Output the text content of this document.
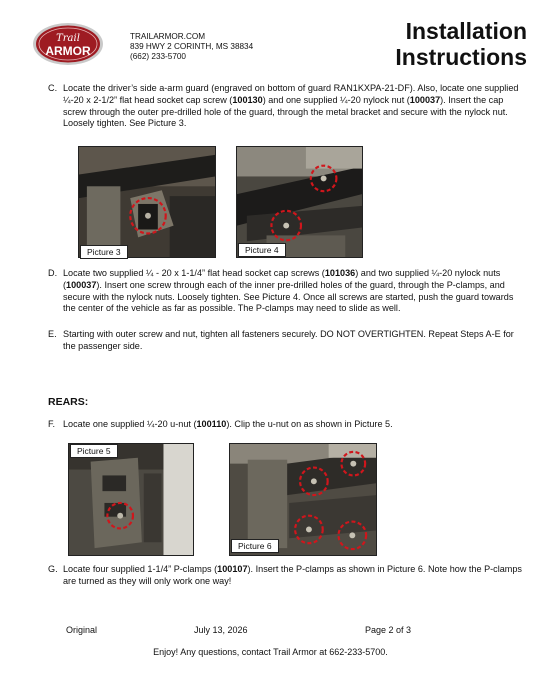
Trail
ARMOR
TRAILARMOR.COM
839 HWY 2 CORINTH, MS 38834
(662) 233-5700
Installation
Instructions
C. Locate the driver’s side a-arm guard (engraved on bottom of guard RAN1KXPA-21-DF). Also, locate one supplied ¼-20 x 2-1/2” flat head socket cap screw (100130) and one supplied ¼-20 nylock nut (100037). Insert the cap screw through the outer pre-drilled hole of the guard, through the metal bracket and secure with the nylock nut. Loosely tighten. See Picture 3.
Picture 3	Picture 4
D. Locate two supplied ¼ - 20 x 1-1/4” flat head socket cap screws (101036) and two supplied ¼-20 nylock nuts (100037). Insert one screw through each of the inner pre-drilled holes of the guard, through the P-clamps, and secure with the nylock nuts. Loosely tighten. See Picture 4. Once all screws are started, push the guard towards the center of the vehicle as far as possible. The P-clamps may need to slide as well.
E. Starting with outer screw and nut, tighten all fasteners securely. DO NOT OVERTIGHTEN. Repeat Steps A-E for the passenger side.
REARS:
F. Locate one supplied ¼-20 u-nut (100110). Clip the u-nut on as shown in Picture 5.
Picture 5
Picture 6
G. Locate four supplied 1-1/4” P-clamps (100107). Insert the P-clamps as shown in Picture 6. Note how the P-clamps are turned as they will only work one way!
Original	July 13, 2026	Page 2 of 3
Enjoy! Any questions, contact Trail Armor at 662-233-5700.
